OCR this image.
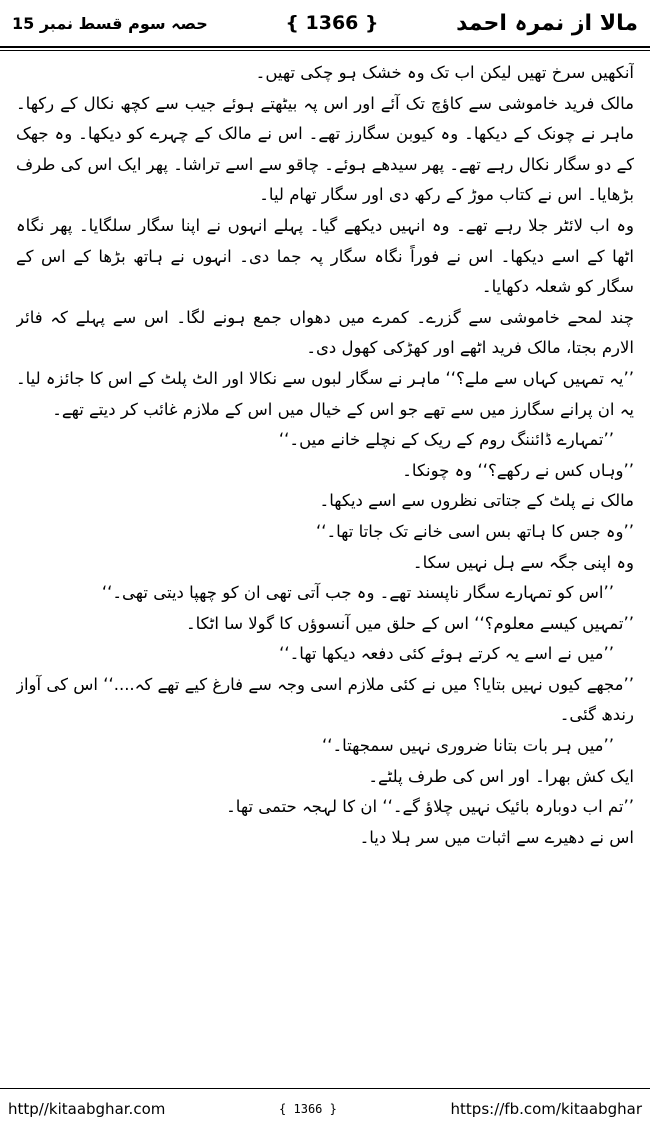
حصہ سوم قسط نمبر 15	{ 1366 }	مالا از نمرہ احمد

آنکھیں سرخ تھیں لیکن اب تک وہ خشک ہو چکی تھیں۔

مالک فرید خاموشی سے کاؤچ تک آئے اور اس پہ بیٹھتے ہوئے جیب سے کچھ نکال کے رکھا۔ ماہر نے چونک کے دیکھا۔ وہ کیوبن سگارز تھے۔ اس نے مالک کے چہرے کو دیکھا۔ وہ جھک کے دو سگار نکال رہے تھے۔ پھر سیدھے ہوئے۔ چاقو سے اسے تراشا۔ پھر ایک اس کی طرف بڑھایا۔ اس نے کتاب موڑ کے رکھ دی اور سگار تھام لیا۔

وہ اب لائٹر جلا رہے تھے۔ وہ انہیں دیکھے گیا۔ پہلے انہوں نے اپنا سگار سلگایا۔ پھر نگاہ اٹھا کے اسے دیکھا۔ اس نے فوراً نگاہ سگار پہ جما دی۔ انہوں نے ہاتھ بڑھا کے اس کے سگار کو شعلہ دکھایا۔

چند لمحے خاموشی سے گزرے۔ کمرے میں دھواں جمع ہونے لگا۔ اس سے پہلے کہ فائر الارم بجتا، مالک فرید اٹھے اور کھڑکی کھول دی۔

’’یہ تمہیں کہاں سے ملے؟‘‘ ماہر نے سگار لبوں سے نکالا اور الٹ پلٹ کے اس کا جائزہ لیا۔ یہ ان پرانے سگارز میں سے تھے جو اس کے خیال میں اس کے ملازم غائب کر دیتے تھے۔

’’تمہارے ڈائننگ روم کے ریک کے نچلے خانے میں۔‘‘

’’وہاں کس نے رکھے؟‘‘ وہ چونکا۔

مالک نے پلٹ کے جتاتی نظروں سے اسے دیکھا۔

’’وہ جس کا ہاتھ بس اسی خانے تک جاتا تھا۔‘‘

وہ اپنی جگہ سے ہل نہیں سکا۔

’’اس کو تمہارے سگار ناپسند تھے۔ وہ جب آتی تھی ان کو چھپا دیتی تھی۔‘‘

’’تمہیں کیسے معلوم؟‘‘ اس کے حلق میں آنسوؤں کا گولا سا اٹکا۔

’’میں نے اسے یہ کرتے ہوئے کئی دفعہ دیکھا تھا۔‘‘

’’مجھے کیوں نہیں بتایا؟ میں نے کئی ملازم اسی وجہ سے فارغ کیے تھے کہ....‘‘ اس کی آواز رندھ گئی۔

’’میں ہر بات بتانا ضروری نہیں سمجھتا۔‘‘

ایک کش بھرا۔ اور اس کی طرف پلٹے۔

’’تم اب دوبارہ بائیک نہیں چلاؤ گے۔‘‘ ان کا لہجہ حتمی تھا۔

اس نے دھیرے سے اثبات میں سر ہلا دیا۔

http//kitaabghar.com	{ 1366 }	https://fb.com/kitaabghar
